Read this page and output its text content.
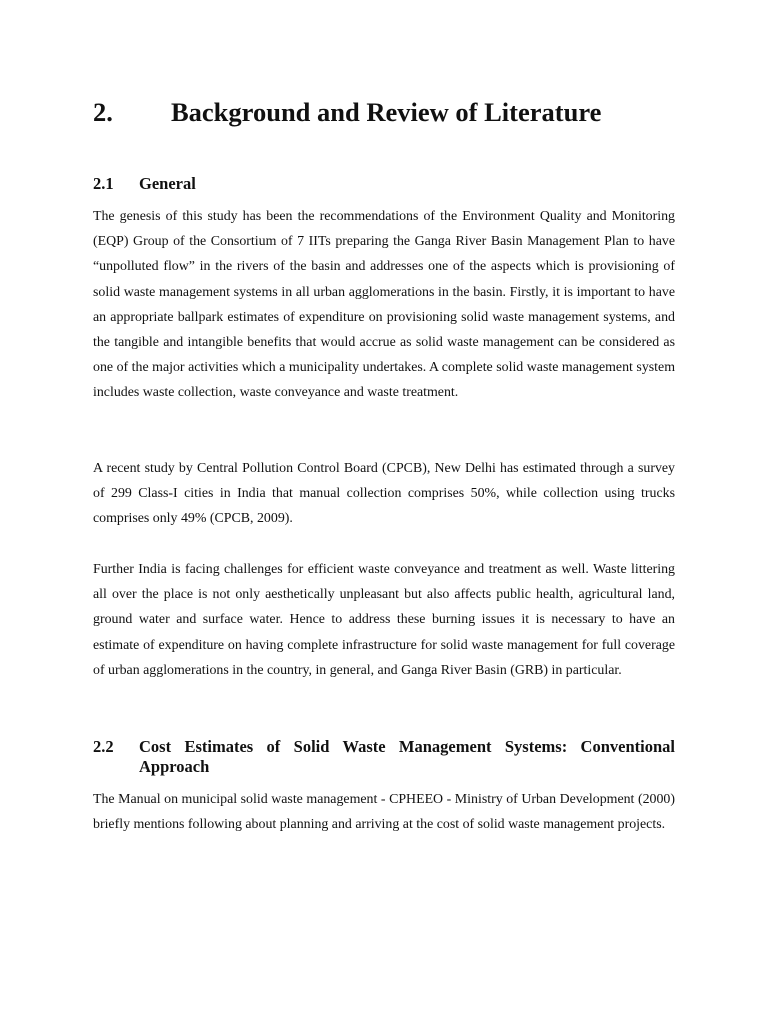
2. Background and Review of Literature
2.1	General

The genesis of this study has been the recommendations of the Environment Quality and Monitoring (EQP) Group of the Consortium of 7 IITs preparing the Ganga River Basin Management Plan to have “unpolluted flow” in the rivers of the basin and addresses one of the aspects which is provisioning of solid waste management systems in all urban agglomerations in the basin. Firstly, it is important to have an appropriate ballpark estimates of expenditure on provisioning solid waste management systems, and the tangible and intangible benefits that would accrue as solid waste management can be considered as one of the major activities which a municipality undertakes. A complete solid waste management system includes waste collection, waste conveyance and waste treatment.

A recent study by Central Pollution Control Board (CPCB), New Delhi has estimated through a survey of 299 Class-I cities in India that manual collection comprises 50%, while collection using trucks comprises only 49% (CPCB, 2009).

Further India is facing challenges for efficient waste conveyance and treatment as well. Waste littering all over the place is not only aesthetically unpleasant but also affects public health, agricultural land, ground water and surface water. Hence to address these burning issues it is necessary to have an estimate of expenditure on having complete infrastructure for solid waste management for full coverage of urban agglomerations in the country, in general, and Ganga River Basin (GRB) in particular.

2.2	Cost Estimates of Solid Waste Management Systems: Conventional Approach

The Manual on municipal solid waste management - CPHEEO - Ministry of Urban Development (2000) briefly mentions following about planning and arriving at the cost of solid waste management projects.
